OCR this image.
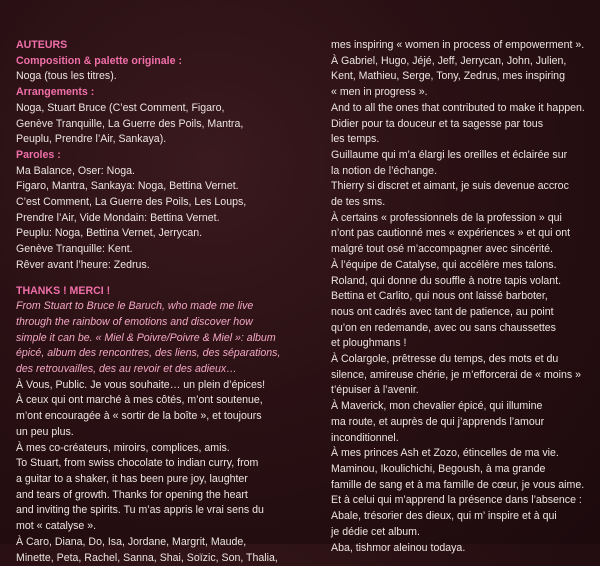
AUTEURS
Composition & palette originale :
Noga (tous les titres).
Arrangements :
Noga, Stuart Bruce (C’est Comment, Figaro,
Genève Tranquille, La Guerre des Poils, Mantra,
Peuplu, Prendre l’Air, Sankaya).
Paroles :
Ma Balance, Oser: Noga.
Figaro, Mantra, Sankaya: Noga, Bettina Vernet.
C’est Comment, La Guerre des Poils, Les Loups,
Prendre l’Air, Vide Mondain: Bettina Vernet.
Peuplu: Noga, Bettina Vernet, Jerrycan.
Genève Tranquille: Kent.
Rêver avant l’heure: Zedrus.
THANKS ! MERCI !
From Stuart to Bruce le Baruch, who made me live
through the rainbow of emotions and discover how
simple it can be. « Miel & Poivre/Poivre & Miel »: album
épicé, album des rencontres, des liens, des séparations,
des retrouvailles, des au revoir et des adieux…
À Vous, Public. Je vous souhaite… un plein d’épices!
À ceux qui ont marché à mes côtés, m’ont soutenue,
m’ont encouragée à « sortir de la boîte », et toujours
un peu plus.
À mes co-créateurs, miroirs, complices, amis.
To Stuart, from swiss chocolate to indian curry, from
a guitar to a shaker, it has been pure joy, laughter
and tears of growth. Thanks for opening the heart
and inviting the spirits. Tu m’as appris le vrai sens du
mot « catalyse ».
À Caro, Diana, Do, Isa, Jordane, Margrit, Maude,
Minette, Peta, Rachel, Sanna, Shai, Soïzic, Son, Thalia,
mes inspiring « women in process of empowerment ».
À Gabriel, Hugo, Jéjé, Jeff, Jerrycan, John, Julien,
Kent, Mathieu, Serge, Tony, Zedrus, mes inspiring
« men in progress ».
And to all the ones that contributed to make it happen.
Didier pour ta douceur et ta sagesse par tous
les temps.
Guillaume qui m’a élargi les oreilles et éclairée sur
la notion de l’échange.
Thierry si discret et aimant, je suis devenue accroc
de tes sms.
À certains « professionnels de la profession » qui
n’ont pas cautionné mes « expériences » et qui ont
malgré tout osé m’accompagner avec sincérité.
À l’équipe de Catalyse, qui accélère mes talons.
Roland, qui donne du souffle à notre tapis volant.
Bettina et Carlito, qui nous ont laissé barboter,
nous ont cadrés avec tant de patience, au point
qu’on en redemande, avec ou sans chaussettes
et ploughmans !
À Colargole, prêtresse du temps, des mots et du
silence, amireuse chérie, je m’efforcerai de « moins »
t’épuiser à l’avenir.
À Maverick, mon chevalier épicé, qui illumine
ma route, et auprès de qui j’apprends l’amour
inconditionnel.
À mes princes Ash et Zozo, étincelles de ma vie.
Maminou, Ikoulichichi, Begoush, à ma grande
famille de sang et à ma famille de cœur, je vous aime.
Et à celui qui m’apprend la présence dans l’absence :
Abale, trésorier des dieux, qui m’ inspire et à qui
je dédie cet album.
Aba, tishmor aleinou todaya.
